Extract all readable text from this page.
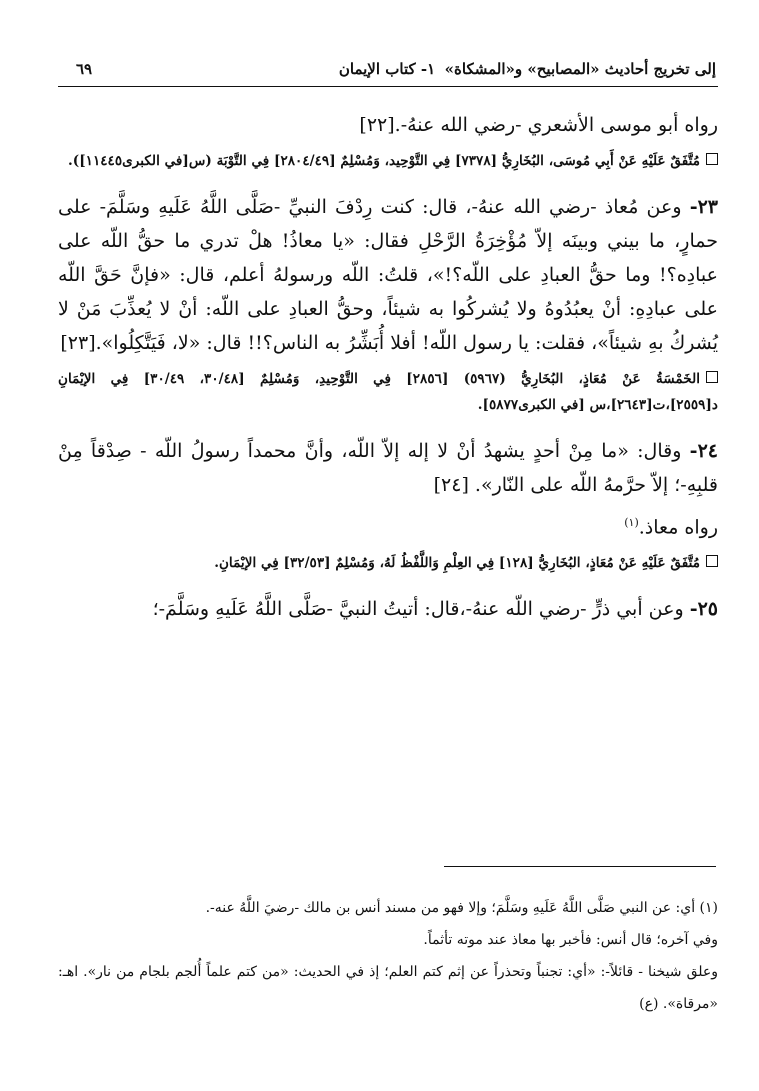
إلى تخريج أحاديث «المصابيح» و«المشكاة»
١- كتاب الإيمان
٦٩

رواه أبو موسى الأشعري -رضي الله عنهُ-.[٢٢]

مُتَّفَقٌ عَلَيْهِ عَنْ أَبِي مُوسَى، البُخَارِيُّ [٧٣٧٨] فِي التَّوْحِيد، وَمُسْلِمٌ [٢٨٠٤/٤٩] فِي التَّوْبَة (س[في الكبرى١١٤٤٥]).

٢٣- وعن مُعاذ -رضي الله عنهُ-، قال: كنت رِدْفَ النبيِّ -صَلَّى اللَّهُ عَلَيهِ وسَلَّمَ- على حمارٍ، ما بيني وبينَه إلاّ مُؤْخِرَةُ الرَّحْلِ فقال: «يا معاذُ! هلْ تدري ما حقُّ اللّه على عبادِه؟! وما حقُّ العبادِ على اللّه؟!»، قلتُ: اللّه ورسولهُ أعلم، قال: «فإنَّ حَقَّ اللّه على عبادِهِ: أنْ يعبُدُوهُ ولا يُشركُوا به شيئاً، وحقُّ العبادِ على اللّه: أنْ لا يُعذِّبَ مَنْ لا يُشركُ بهِ شيئاً»، فقلت: يا رسول اللّه! أفلا أُبَشِّرُ به الناس؟!! قال: «لا، فَيَتَّكِلُوا».[٢٣]

الخَمْسَةُ عَنْ مُعَاذٍ، البُخَارِيُّ (٥٩٦٧) [٢٨٥٦] فِي التَّوْحِيدِ، وَمُسْلِمٌ [٣٠/٤٨، ٣٠/٤٩] فِي الإيْمَانِ د[٢٥٥٩]،ت[٢٦٤٣]،س [في الكبرى٥٨٧٧].

٢٤- وقال: «ما مِنْ أحدٍ يشهدُ أنْ لا إله إلاّ اللّه، وأنَّ محمداً رسولُ اللّه - صِدْقاً مِنْ قلبِهِ-؛ إلاّ حرَّمهُ اللّه على النّار». [٢٤]

رواه معاذ.$^{(١)}$

مُتَّفَقٌ عَلَيْهِ عَنْ مُعَاذٍ، البُخَارِيُّ [١٢٨] فِي العِلْمِ وَاللَّفْظُ لَهُ، وَمُسْلِمٌ [٣٢/٥٣] فِي الإيْمَانِ.

٢٥- وعن أبي ذرٍّ -رضي اللّه عنهُ-،قال: أتيتُ النبيَّ -صَلَّى اللَّهُ عَلَيهِ وسَلَّمَ-؛

(١) أي: عن النبي صَلَّى اللَّهُ عَلَيهِ وسَلَّمَ؛ وإلا فهو من مسند أنس بن مالك -رضيَ اللَّهُ عنه-.

وفي آخره؛ قال أنس: فأخبر بها معاذ عند موته تأثماً.

وعلق شيخنا - قائلاً-: «أي: تجنباً وتحذراً عن إثم كتم العلم؛ إذ في الحديث: «من كتم علماً أُلجم بلجام من نار». اهـ: «مرقاة». (ع)
